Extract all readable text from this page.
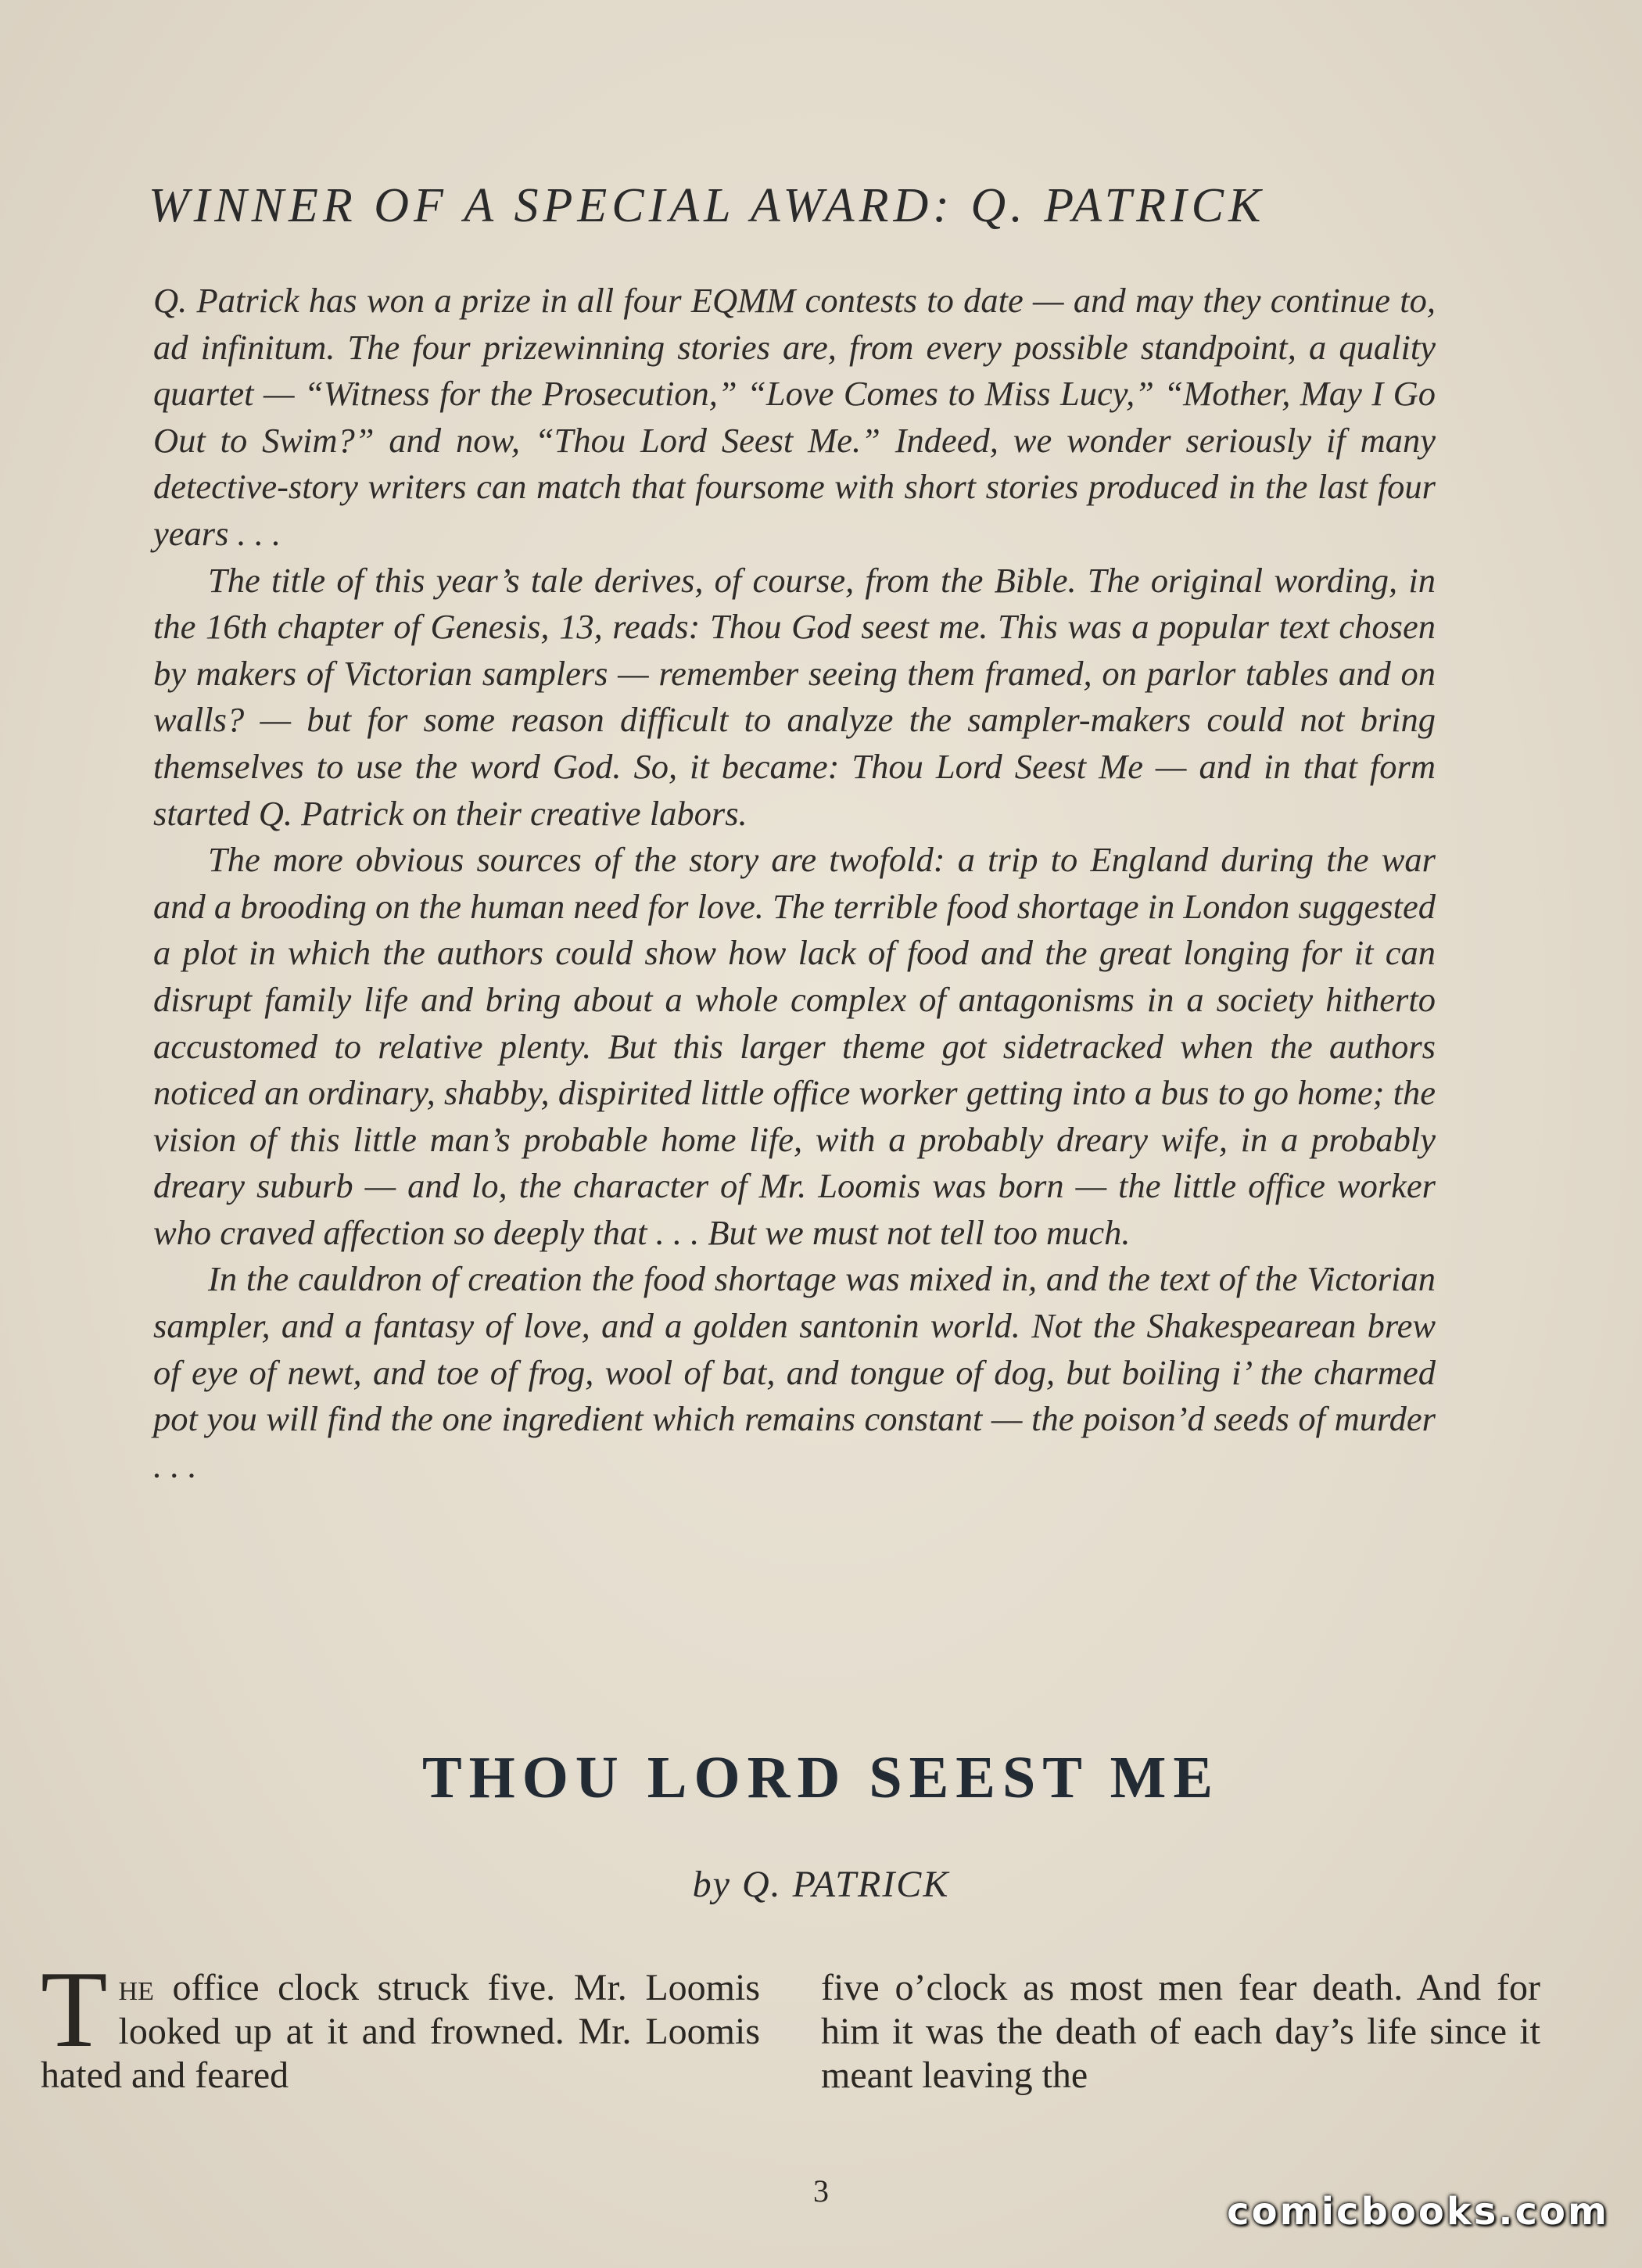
WINNER OF A SPECIAL AWARD: Q. PATRICK

Q. Patrick has won a prize in all four EQMM contests to date — and may they continue to, ad infinitum. The four prizewinning stories are, from every possible standpoint, a quality quartet — “Witness for the Prosecution,” “Love Comes to Miss Lucy,” “Mother, May I Go Out to Swim?” and now, “Thou Lord Seest Me.” Indeed, we wonder seriously if many detective-story writers can match that foursome with short stories produced in the last four years . . .

The title of this year’s tale derives, of course, from the Bible. The original wording, in the 16th chapter of Genesis, 13, reads: Thou God seest me. This was a popular text chosen by makers of Victorian samplers — remember seeing them framed, on parlor tables and on walls? — but for some reason difficult to analyze the sampler-makers could not bring themselves to use the word God. So, it became: Thou Lord Seest Me — and in that form started Q. Patrick on their creative labors.

The more obvious sources of the story are twofold: a trip to England during the war and a brooding on the human need for love. The terrible food shortage in London suggested a plot in which the authors could show how lack of food and the great longing for it can disrupt family life and bring about a whole complex of antagonisms in a society hitherto accustomed to relative plenty. But this larger theme got sidetracked when the authors noticed an ordinary, shabby, dispirited little office worker getting into a bus to go home; the vision of this little man’s probable home life, with a probably dreary wife, in a probably dreary suburb — and lo, the character of Mr. Loomis was born — the little office worker who craved affection so deeply that . . . But we must not tell too much.

In the cauldron of creation the food shortage was mixed in, and the text of the Victorian sampler, and a fantasy of love, and a golden santonin world. Not the Shakespearean brew of eye of newt, and toe of frog, wool of bat, and tongue of dog, but boiling i’ the charmed pot you will find the one ingredient which remains constant — the poison’d seeds of murder . . .

THOU LORD SEEST ME
by Q. PATRICK

The office clock struck five. Mr. Loomis looked up at it and frowned. Mr. Loomis hated and feared

five o’clock as most men fear death. And for him it was the death of each day’s life since it meant leaving the

3	comicbooks.com
